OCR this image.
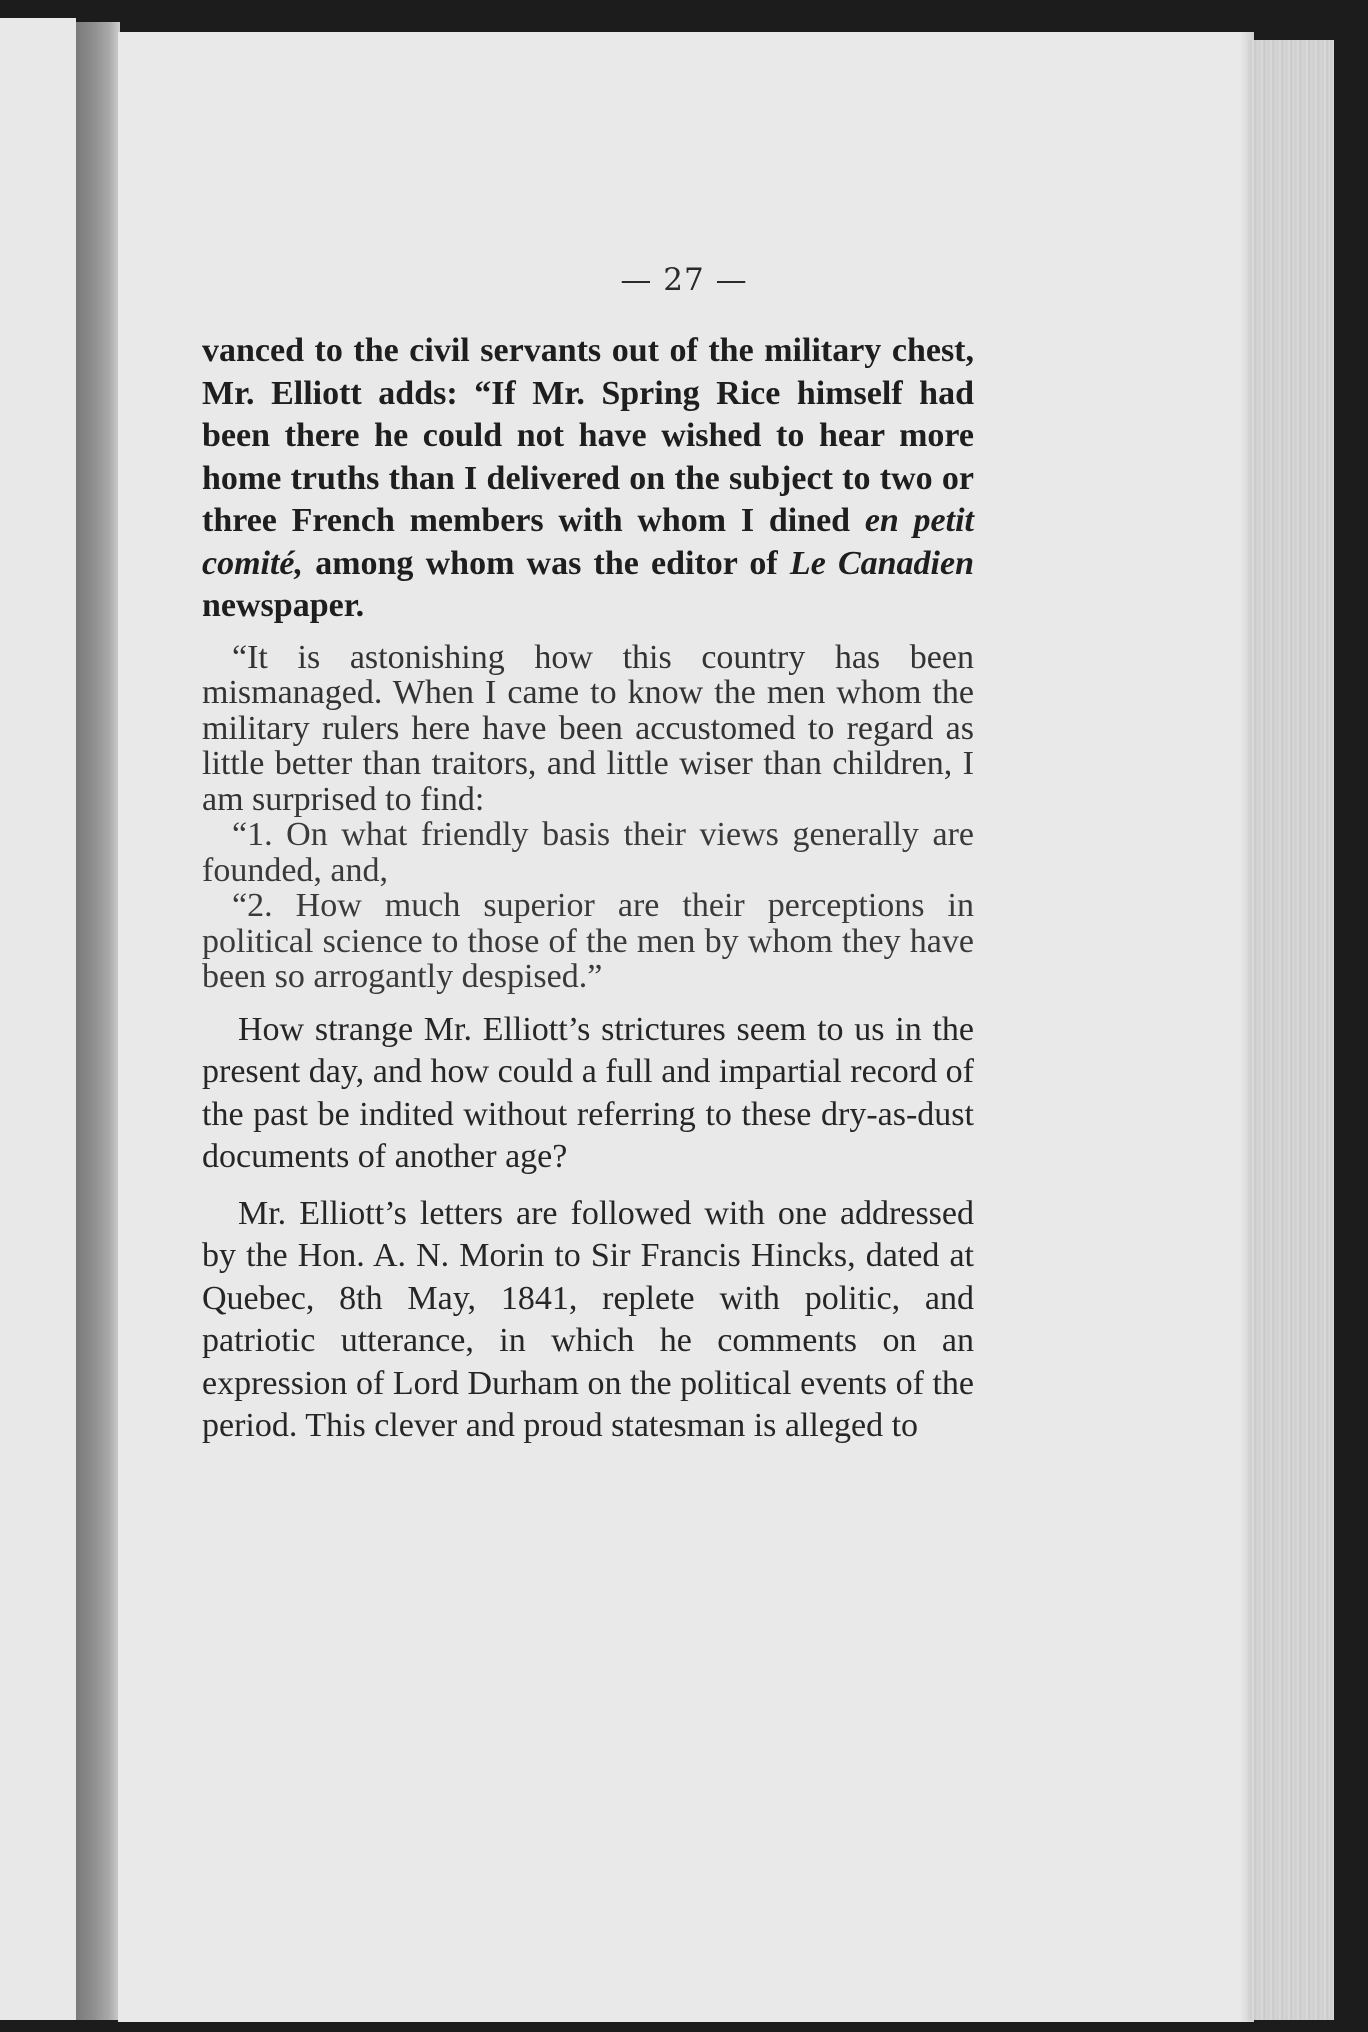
— 27 —

vanced to the civil servants out of the military chest, Mr. Elliott adds: “If Mr. Spring Rice himself had been there he could not have wished to hear more home truths than I delivered on the subject to two or three French members with whom I dined en petit comité, among whom was the editor of Le Canadien newspaper.

“It is astonishing how this country has been mismanaged. When I came to know the men whom the military rulers here have been accustomed to regard as little better than traitors, and little wiser than children, I am surprised to find:

“1. On what friendly basis their views generally are founded, and,

“2. How much superior are their perceptions in political science to those of the men by whom they have been so arrogantly despised.”

How strange Mr. Elliott’s strictures seem to us in the present day, and how could a full and impartial record of the past be indited without referring to these dry-as-dust documents of another age?

Mr. Elliott’s letters are followed with one addressed by the Hon. A. N. Morin to Sir Francis Hincks, dated at Quebec, 8th May, 1841, replete with politic, and patriotic utterance, in which he comments on an expression of Lord Durham on the political events of the period. This clever and proud statesman is alleged to
